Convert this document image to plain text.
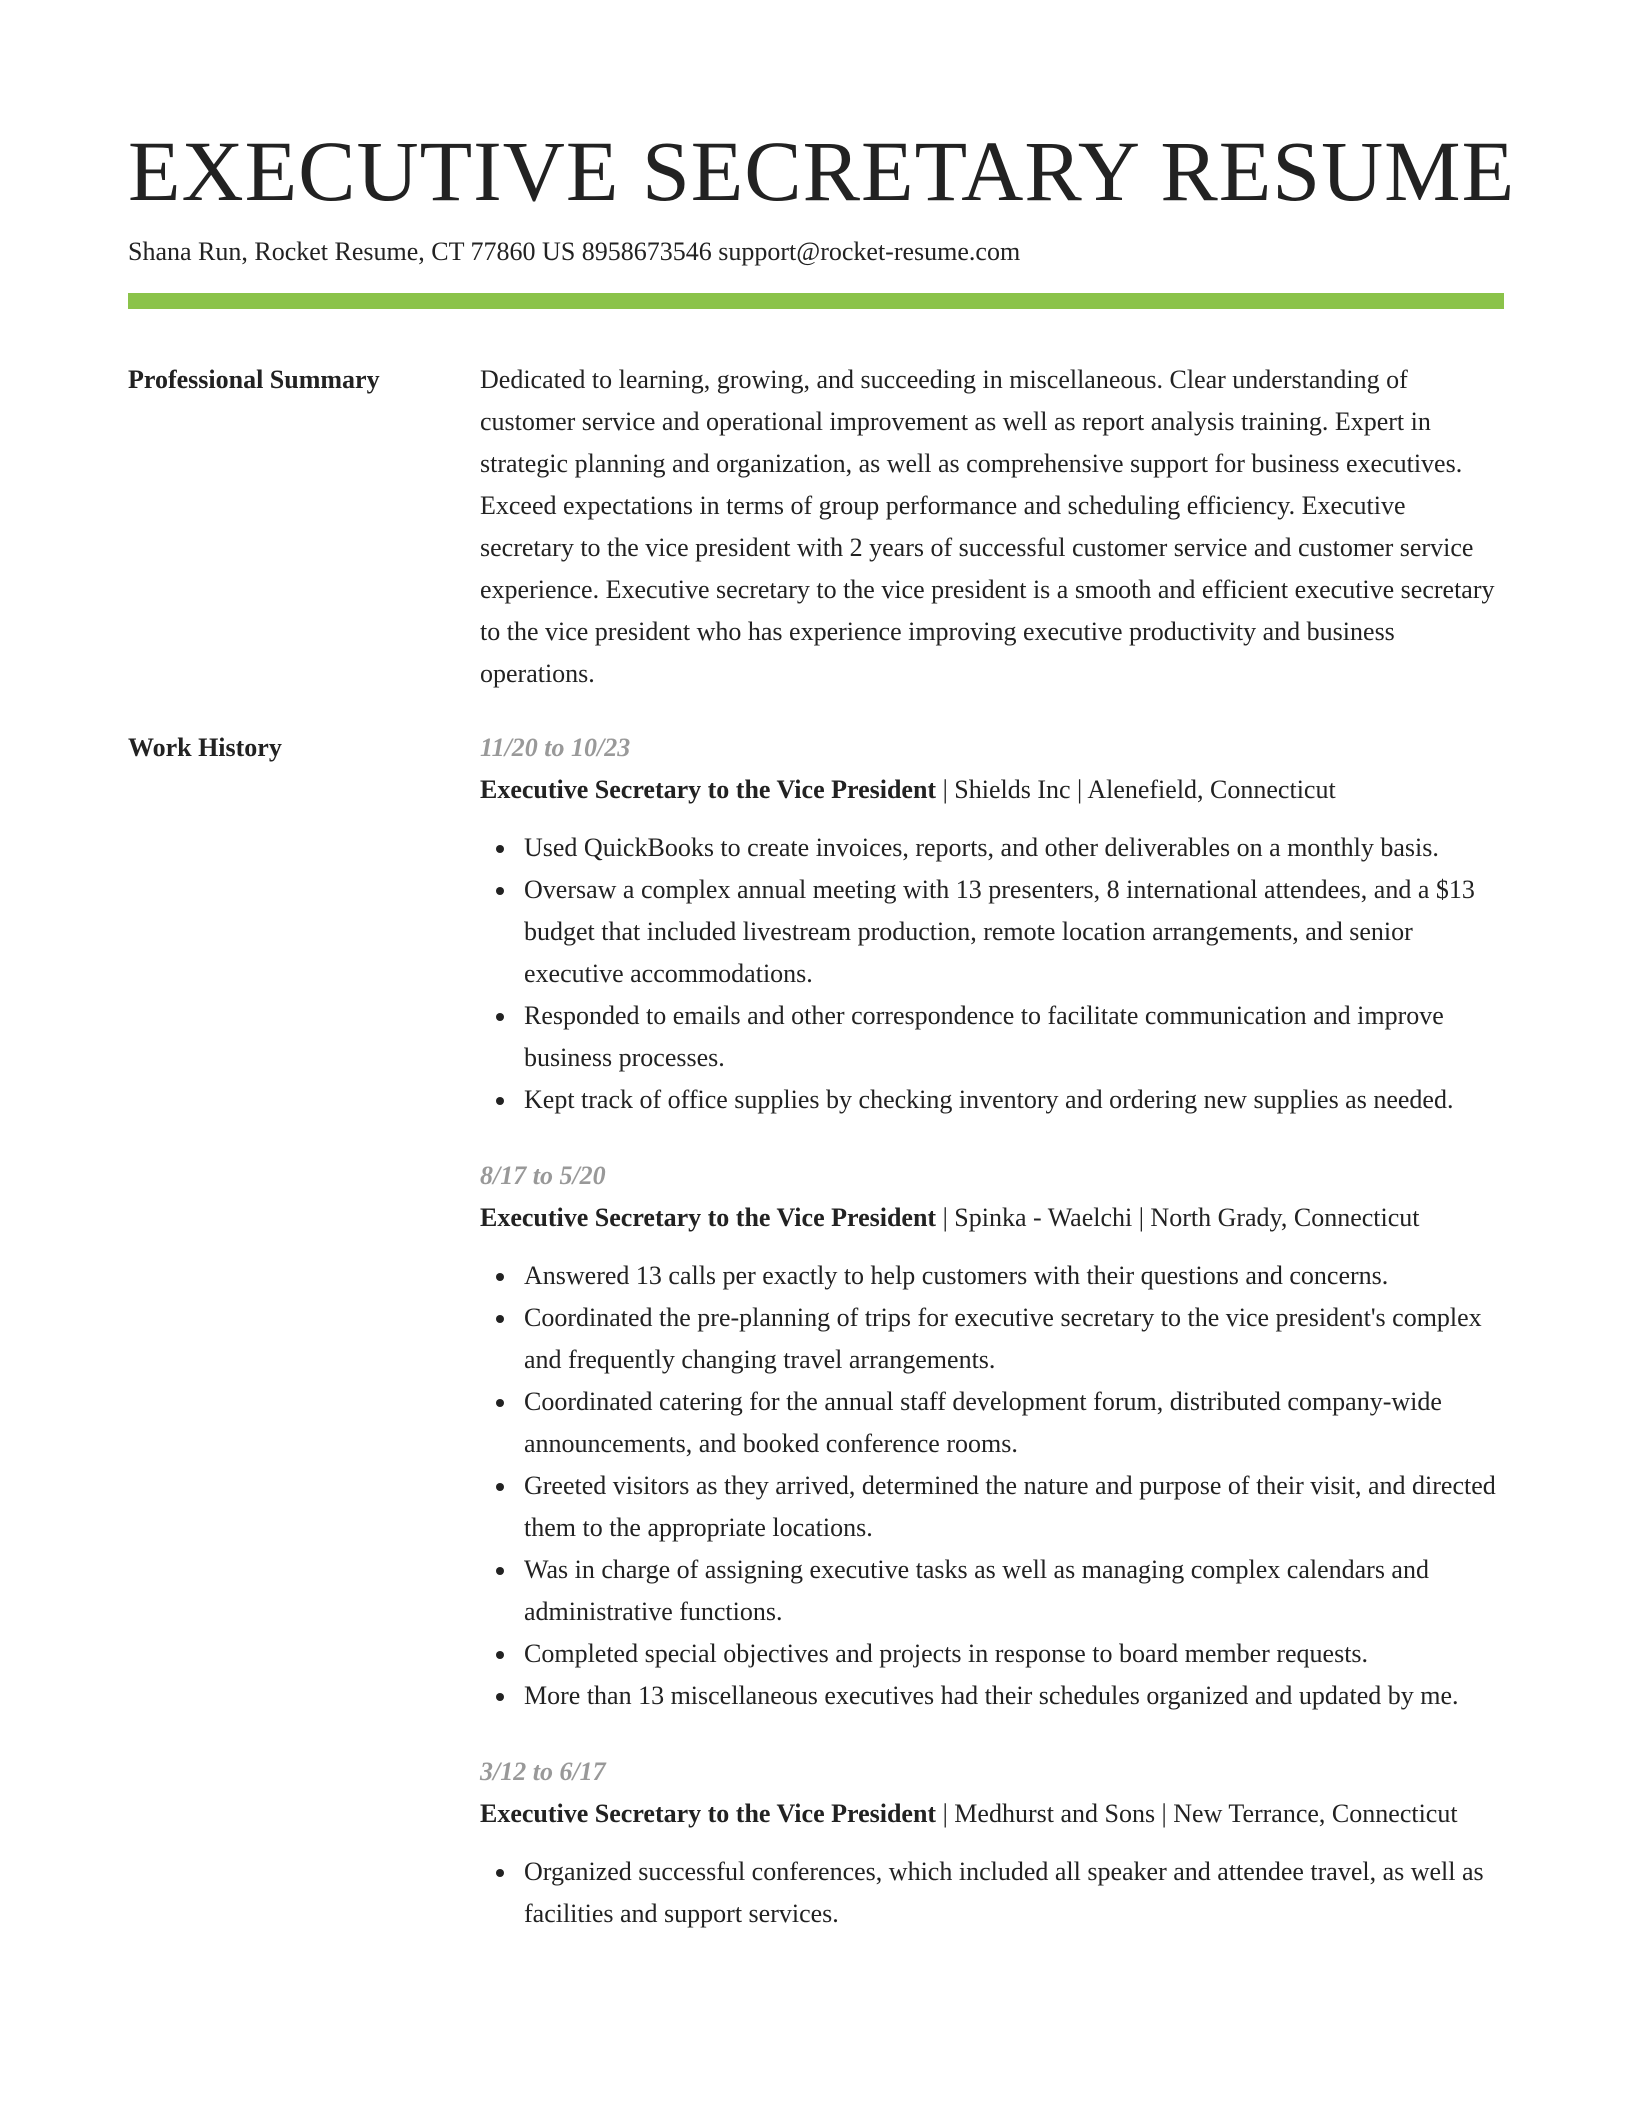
EXECUTIVE SECRETARY RESUME
Shana Run, Rocket Resume, CT 77860 US 8958673546 support@rocket-resume.com
Professional Summary	Dedicated to learning, growing, and succeeding in miscellaneous. Clear understanding of customer service and operational improvement as well as report analysis training. Expert in strategic planning and organization, as well as comprehensive support for business executives. Exceed expectations in terms of group performance and scheduling efficiency. Executive secretary to the vice president with 2 years of successful customer service and customer service experience. Executive secretary to the vice president is a smooth and efficient executive secretary to the vice president who has experience improving executive productivity and business operations.

Work History	11/20 to 10/23
Executive Secretary to the Vice President | Shields Inc | Alenefield, Connecticut
Used QuickBooks to create invoices, reports, and other deliverables on a monthly basis.
Oversaw a complex annual meeting with 13 presenters, 8 international attendees, and a $13 budget that included livestream production, remote location arrangements, and senior executive accommodations.
Responded to emails and other correspondence to facilitate communication and improve business processes.
Kept track of office supplies by checking inventory and ordering new supplies as needed.
8/17 to 5/20
Executive Secretary to the Vice President | Spinka - Waelchi | North Grady, Connecticut
Answered 13 calls per exactly to help customers with their questions and concerns.
Coordinated the pre-planning of trips for executive secretary to the vice president's complex and frequently changing travel arrangements.
Coordinated catering for the annual staff development forum, distributed company-wide announcements, and booked conference rooms.
Greeted visitors as they arrived, determined the nature and purpose of their visit, and directed them to the appropriate locations.
Was in charge of assigning executive tasks as well as managing complex calendars and administrative functions.
Completed special objectives and projects in response to board member requests.
More than 13 miscellaneous executives had their schedules organized and updated by me.
3/12 to 6/17
Executive Secretary to the Vice President | Medhurst and Sons | New Terrance, Connecticut
Organized successful conferences, which included all speaker and attendee travel, as well as facilities and support services.
